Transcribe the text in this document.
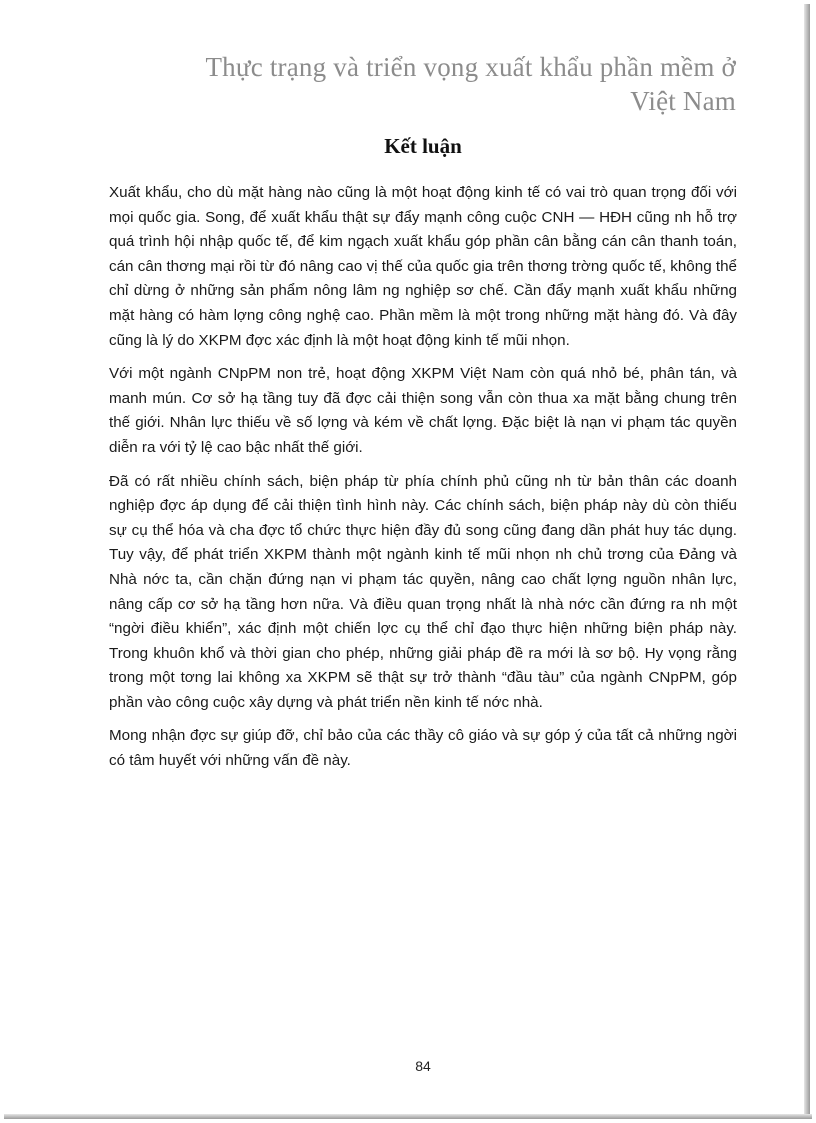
Thực trạng và triển vọng xuất khẩu phần mềm ở
Việt Nam
Kết luận

Xuất khẩu, cho dù mặt hàng nào cũng là một hoạt động kinh tế có vai trò quan trọng đối với mọi quốc gia. Song, để xuất khẩu thật sự đẩy mạnh công cuộc CNH — HĐH cũng nh hỗ trợ quá trình hội nhập quốc tế, để kim ngạch xuất khẩu góp phần cân bằng cán cân thanh toán, cán cân thơng mại rồi từ đó nâng cao vị thế của quốc gia trên thơng trờng quốc tế, không thể chỉ dừng ở những sản phẩm nông lâm ng nghiệp sơ chế. Cần đẩy mạnh xuất khẩu những mặt hàng có hàm lợng công nghệ cao. Phần mềm là một trong những mặt hàng đó. Và đây cũng là lý do XKPM đợc xác định là một hoạt động kinh tế mũi nhọn.

Với một ngành CNpPM non trẻ, hoạt động XKPM Việt Nam còn quá nhỏ bé, phân tán, và manh mún. Cơ sở hạ tầng tuy đã đợc cải thiện song vẫn còn thua xa mặt bằng chung trên thế giới. Nhân lực thiếu về số lợng và kém về chất lợng. Đặc biệt là nạn vi phạm tác quyền diễn ra với tỷ lệ cao bậc nhất thế giới.

Đã có rất nhiều chính sách, biện pháp từ phía chính phủ cũng nh từ bản thân các doanh nghiệp đợc áp dụng để cải thiện tình hình này. Các chính sách, biện pháp này dù còn thiếu sự cụ thể hóa và cha đợc tổ chức thực hiện đầy đủ song cũng đang dần phát huy tác dụng. Tuy vậy, để phát triển XKPM thành một ngành kinh tế mũi nhọn nh chủ trơng của Đảng và Nhà nớc ta, cần chặn đứng nạn vi phạm tác quyền, nâng cao chất lợng nguồn nhân lực, nâng cấp cơ sở hạ tầng hơn nữa. Và điều quan trọng nhất là nhà nớc cần đứng ra nh một “ngời điều khiển”, xác định một chiến lợc cụ thể chỉ đạo thực hiện những biện pháp này. Trong khuôn khổ và thời gian cho phép, những giải pháp đề ra mới là sơ bộ. Hy vọng rằng trong một tơng lai không xa XKPM sẽ thật sự trở thành “đầu tàu” của ngành CNpPM, góp phần vào công cuộc xây dựng và phát triển nền kinh tế nớc nhà.

Mong nhận đợc sự giúp đỡ, chỉ bảo của các thầy cô giáo và sự góp ý của tất cả những ngời có tâm huyết với những vấn đề này.

84
